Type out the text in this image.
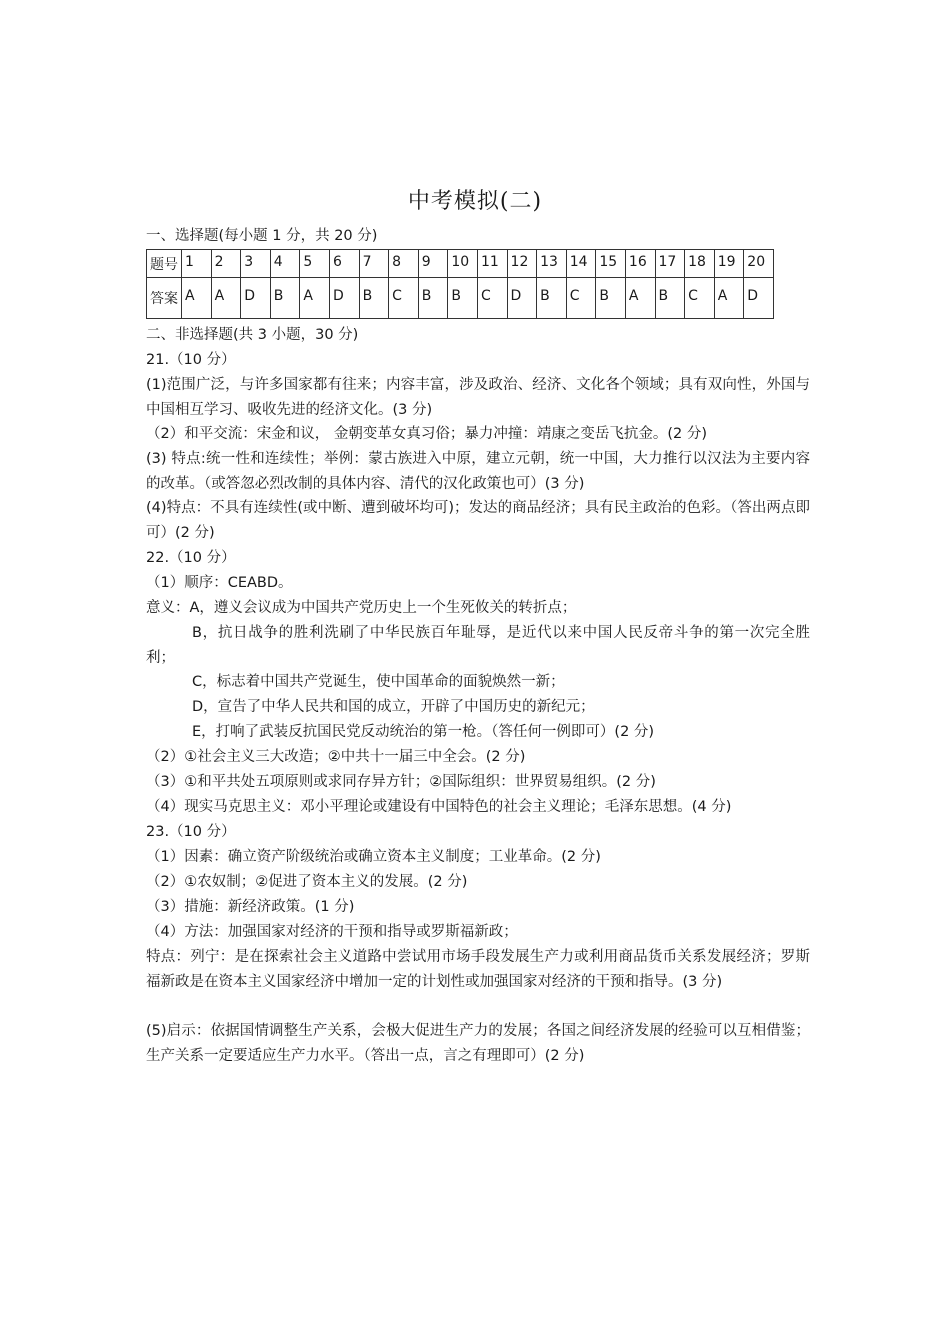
中考模拟(二)
一、选择题(每小题 1 分，共 20 分)
题号	1	2	3	4	5	6	7	8	9	10	11	12	13	14	15	16	17	18	19	20
答案	A	A	D	B	A	D	B	C	B	B	C	D	B	C	B	A	B	C	A	D
二、非选择题(共 3 小题，30 分)
21.（10 分）
(1)范围广泛，与许多国家都有往来；内容丰富，涉及政治、经济、文化各个领域；具有双向性，外国与中国相互学习、吸收先进的经济文化。(3 分)
（2）和平交流：宋金和议， 金朝变革女真习俗；暴力冲撞：靖康之变岳飞抗金。(2 分)
(3) 特点:统一性和连续性；举例：蒙古族进入中原，建立元朝，统一中国，大力推行以汉法为主要内容的改革。（或答忽必烈改制的具体内容、清代的汉化政策也可）(3 分)
(4)特点：不具有连续性(或中断、遭到破坏均可)；发达的商品经济；具有民主政治的色彩。（答出两点即可）(2 分)
22.（10 分）
（1）顺序：CEABD。
意义：A，遵义会议成为中国共产党历史上一个生死攸关的转折点；
B，抗日战争的胜利洗刷了中华民族百年耻辱，是近代以来中国人民反帝斗争的第一次完全胜利；
C，标志着中国共产党诞生，使中国革命的面貌焕然一新；
D，宣告了中华人民共和国的成立，开辟了中国历史的新纪元；
E，打响了武装反抗国民党反动统治的第一枪。（答任何一例即可）(2 分)
（2）①社会主义三大改造；②中共十一届三中全会。(2 分)
（3）①和平共处五项原则或求同存异方针；②国际组织：世界贸易组织。(2 分)
（4）现实马克思主义：邓小平理论或建设有中国特色的社会主义理论；毛泽东思想。(4 分)
23.（10 分）
（1）因素：确立资产阶级统治或确立资本主义制度；工业革命。(2 分)
（2）①农奴制；②促进了资本主义的发展。(2 分)
（3）措施：新经济政策。(1 分)
（4）方法：加强国家对经济的干预和指导或罗斯福新政；
特点：列宁：是在探索社会主义道路中尝试用市场手段发展生产力或利用商品货币关系发展经济；罗斯福新政是在资本主义国家经济中增加一定的计划性或加强国家对经济的干预和指导。(3 分)
(5)启示：依据国情调整生产关系，会极大促进生产力的发展；各国之间经济发展的经验可以互相借鉴；生产关系一定要适应生产力水平。（答出一点，言之有理即可）(2 分)
